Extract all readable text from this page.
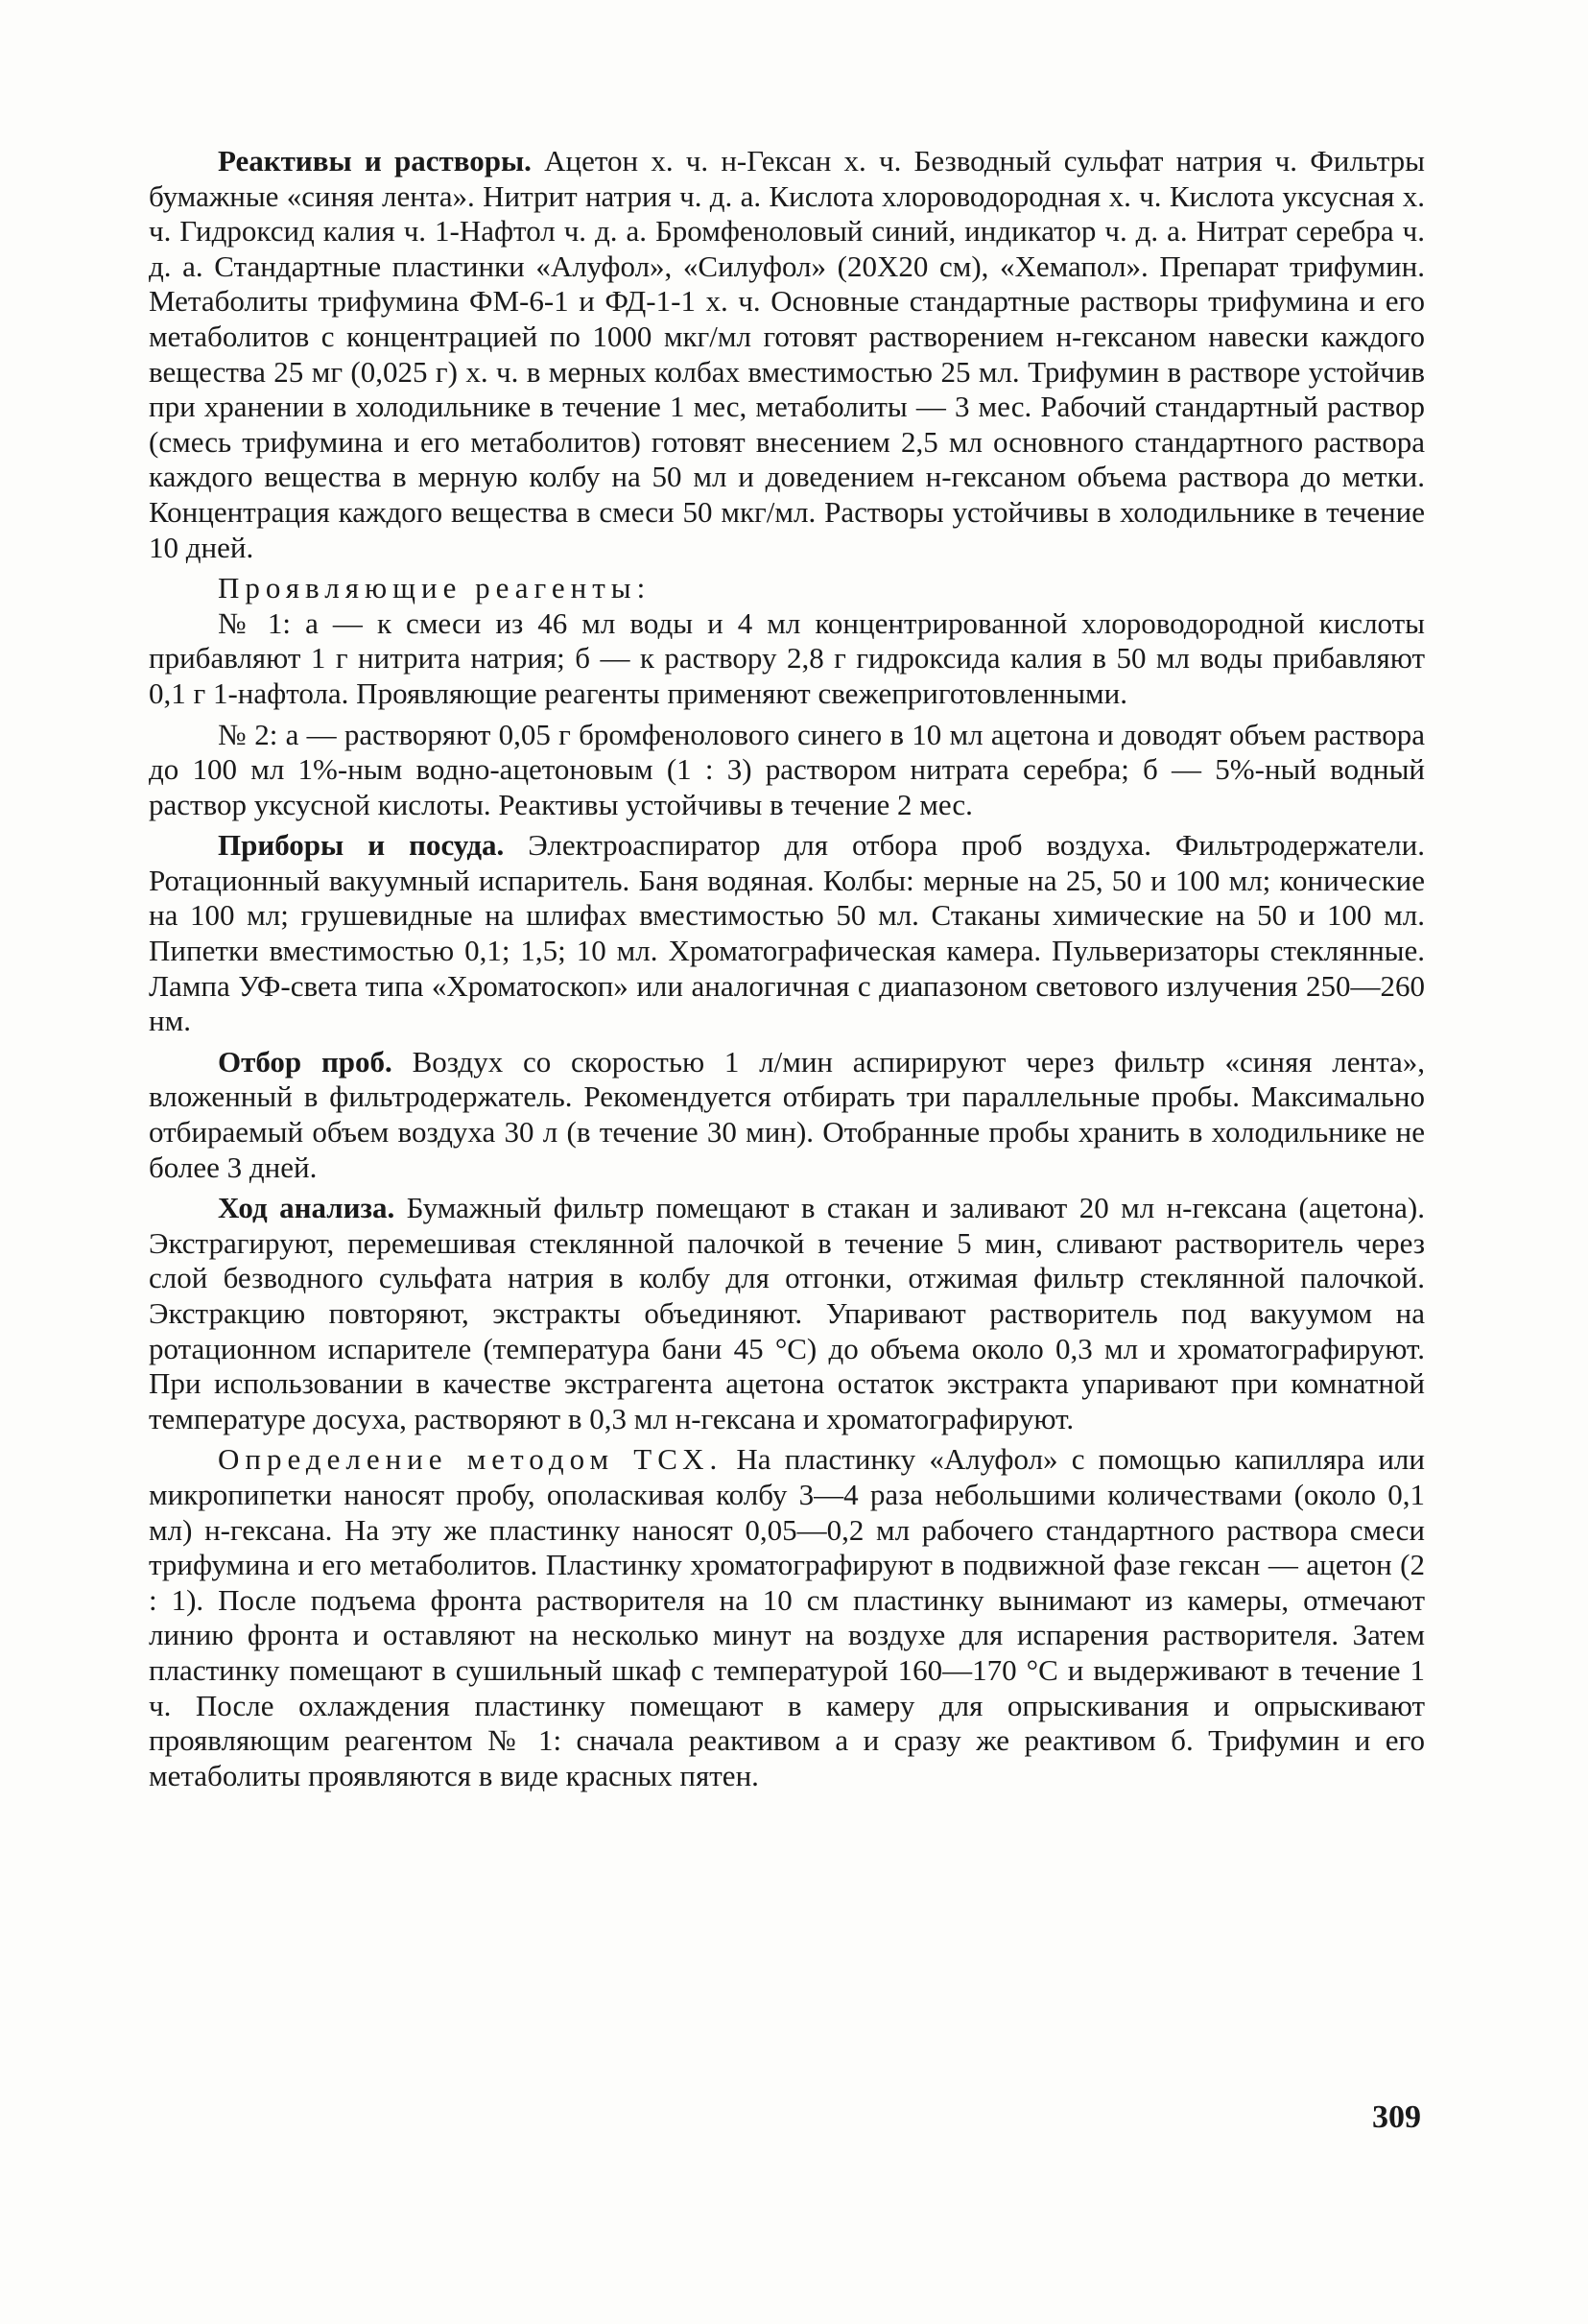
Реактивы и растворы. Ацетон х. ч. н-Гексан х. ч. Безводный сульфат натрия ч. Фильтры бумажные «синяя лента». Нитрит натрия ч. д. а. Кислота хлороводородная х. ч. Кислота уксусная х. ч. Гидроксид калия ч. 1-Нафтол ч. д. а. Бромфеноловый синий, индикатор ч. д. а. Нитрат серебра ч. д. а. Стандартные пластинки «Алуфол», «Силуфол» (20Х20 см), «Хемапол». Препарат трифумин. Метаболиты трифумина ФМ-6-1 и ФД-1-1 х. ч. Основные стандартные растворы трифумина и его метаболитов с концентрацией по 1000 мкг/мл готовят растворением н-гексаном навески каждого вещества 25 мг (0,025 г) х. ч. в мерных колбах вместимостью 25 мл. Трифумин в растворе устойчив при хранении в холодильнике в течение 1 мес, метаболиты — 3 мес. Рабочий стандартный раствор (смесь трифумина и его метаболитов) готовят внесением 2,5 мл основного стандартного раствора каждого вещества в мерную колбу на 50 мл и доведением н-гексаном объема раствора до метки. Концентрация каждого вещества в смеси 50 мкг/мл. Растворы устойчивы в холодильнике в течение 10 дней.

Проявляющие реагенты:

№ 1: а — к смеси из 46 мл воды и 4 мл концентрированной хлороводородной кислоты прибавляют 1 г нитрита натрия; б — к раствору 2,8 г гидроксида калия в 50 мл воды прибавляют 0,1 г 1-нафтола. Проявляющие реагенты применяют свежеприготовленными.

№ 2: а — растворяют 0,05 г бромфенолового синего в 10 мл ацетона и доводят объем раствора до 100 мл 1%-ным водно-ацетоновым (1 : 3) раствором нитрата серебра; б — 5%-ный водный раствор уксусной кислоты. Реактивы устойчивы в течение 2 мес.

Приборы и посуда. Электроаспиратор для отбора проб воздуха. Фильтродержатели. Ротационный вакуумный испаритель. Баня водяная. Колбы: мерные на 25, 50 и 100 мл; конические на 100 мл; грушевидные на шлифах вместимостью 50 мл. Стаканы химические на 50 и 100 мл. Пипетки вместимостью 0,1; 1,5; 10 мл. Хроматографическая камера. Пульверизаторы стеклянные. Лампа УФ-света типа «Хроматоскоп» или аналогичная с диапазоном светового излучения 250—260 нм.

Отбор проб. Воздух со скоростью 1 л/мин аспирируют через фильтр «синяя лента», вложенный в фильтродержатель. Рекомендуется отбирать три параллельные пробы. Максимально отбираемый объем воздуха 30 л (в течение 30 мин). Отобранные пробы хранить в холодильнике не более 3 дней.

Ход анализа. Бумажный фильтр помещают в стакан и заливают 20 мл н-гексана (ацетона). Экстрагируют, перемешивая стеклянной палочкой в течение 5 мин, сливают растворитель через слой безводного сульфата натрия в колбу для отгонки, отжимая фильтр стеклянной палочкой. Экстракцию повторяют, экстракты объединяют. Упаривают растворитель под вакуумом на ротационном испарителе (температура бани 45 °С) до объема около 0,3 мл и хроматографируют. При использовании в качестве экстрагента ацетона остаток экстракта упаривают при комнатной температуре досуха, растворяют в 0,3 мл н-гексана и хроматографируют.

Определение методом ТСХ. На пластинку «Алуфол» с помощью капилляра или микропипетки наносят пробу, ополаскивая колбу 3—4 раза небольшими количествами (около 0,1 мл) н-гексана. На эту же пластинку наносят 0,05—0,2 мл рабочего стандартного раствора смеси трифумина и его метаболитов. Пластинку хроматографируют в подвижной фазе гексан — ацетон (2 : 1). После подъема фронта растворителя на 10 см пластинку вынимают из камеры, отмечают линию фронта и оставляют на несколько минут на воздухе для испарения растворителя. Затем пластинку помещают в сушильный шкаф с температурой 160—170 °С и выдерживают в течение 1 ч. После охлаждения пластинку помещают в камеру для опрыскивания и опрыскивают проявляющим реагентом № 1: сначала реактивом а и сразу же реактивом б. Трифумин и его метаболиты проявляются в виде красных пятен.

309
